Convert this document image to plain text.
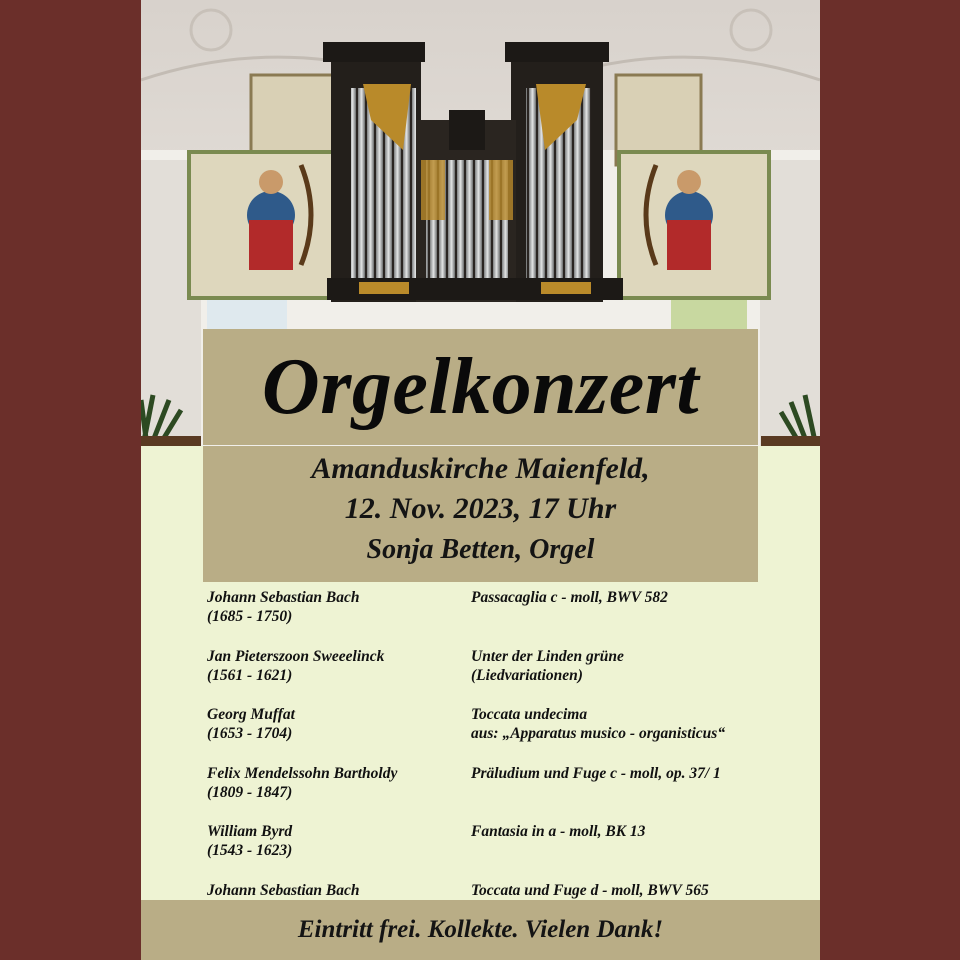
Orgelkonzert
Amanduskirche Maienfeld,
12. Nov. 2023, 17 Uhr
Sonja Betten, Orgel
Johann Sebastian Bach
(1685 - 1750)
Passacaglia c - moll, BWV 582
Jan Pieterszoon Sweeelinck
(1561 - 1621)
Unter der Linden grüne
(Liedvariationen)
Georg Muffat
(1653 - 1704)
Toccata undecima
aus: „Apparatus musico - organisticus“
Felix Mendelssohn Bartholdy
(1809 - 1847)
Präludium und Fuge c - moll, op. 37/ 1
William Byrd
(1543 - 1623)
Fantasia in a - moll, BK 13
Johann Sebastian Bach	Toccata und Fuge d - moll, BWV 565
Eintritt frei. Kollekte. Vielen Dank!
